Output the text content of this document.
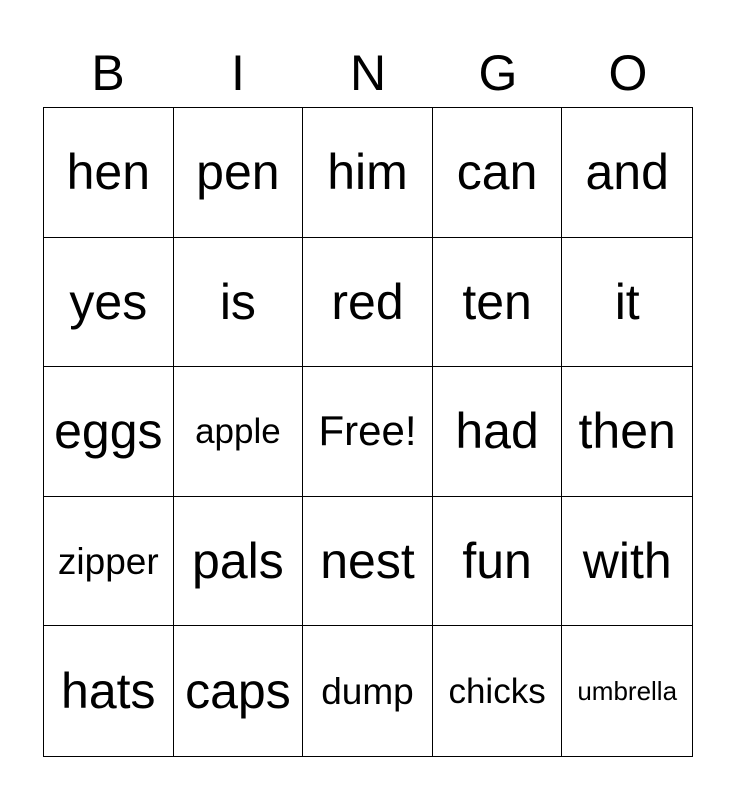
B	I	N	G	O
hen pen him can and
yes	is	red	ten	it
eggs apple Free! had then
zipper pals nest fun	with
hats caps dump chicks	umbrella
